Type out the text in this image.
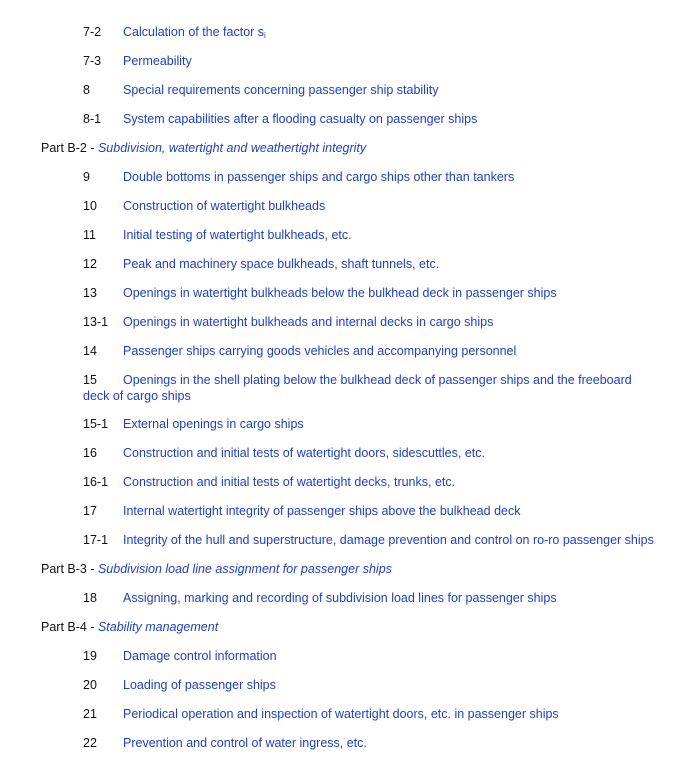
7-2 Calculation of the factor $s_i$
7-3 Permeability
8	Special requirements concerning passenger ship stability
8-1 System capabilities after a flooding casualty on passenger ships
Part B-2 - Subdivision, watertight and weathertight integrity
9	Double bottoms in passenger ships and cargo ships other than tankers
10 Construction of watertight bulkheads
11 Initial testing of watertight bulkheads, etc.
12 Peak and machinery space bulkheads, shaft tunnels, etc.
13 Openings in watertight bulkheads below the bulkhead deck in passenger ships
13-1 Openings in watertight bulkheads and internal decks in cargo ships
14 Passenger ships carrying goods vehicles and accompanying personnel
15 Openings in the shell plating below the bulkhead deck of passenger ships and the freeboard deck of cargo ships
15-1 External openings in cargo ships
16 Construction and initial tests of watertight doors, sidescuttles, etc.
16-1 Construction and initial tests of watertight decks, trunks, etc.
17 Internal watertight integrity of passenger ships above the bulkhead deck
17-1 Integrity of the hull and superstructure, damage prevention and control on ro-ro passenger ships
Part B-3 - Subdivision load line assignment for passenger ships
18 Assigning, marking and recording of subdivision load lines for passenger ships
Part B-4 - Stability management
19 Damage control information
20 Loading of passenger ships
21 Periodical operation and inspection of watertight doors, etc. in passenger ships
22 Prevention and control of water ingress, etc.
